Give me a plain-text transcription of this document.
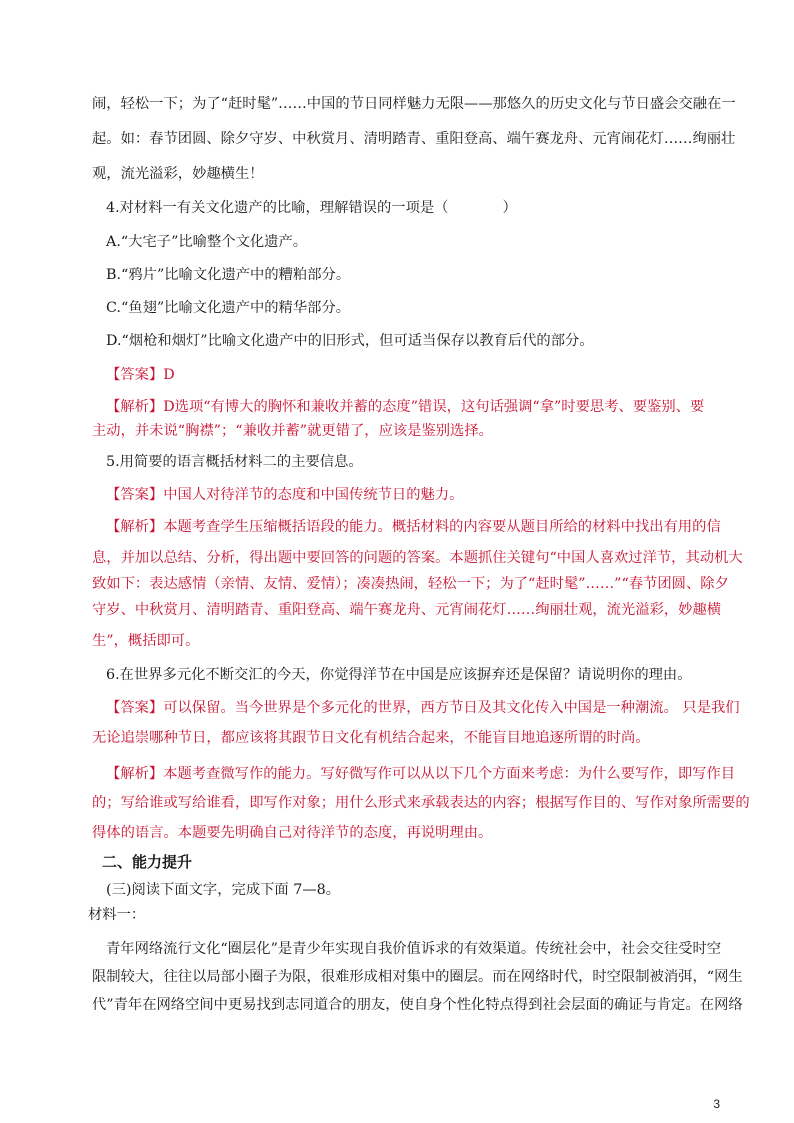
闹，轻松一下；为了“赶时髦”……中国的节日同样魅力无限——那悠久的历史文化与节日盛会交融在一
起。如：春节团圆、除夕守岁、中秋赏月、清明踏青、重阳登高、端午赛龙舟、元宵闹花灯……绚丽壮
观，流光溢彩，妙趣横生！
4.对材料一有关文化遗产的比喻，理解错误的一项是（	）
A.“大宅子”比喻整个文化遗产。
B.“鸦片”比喻文化遗产中的糟粕部分。
C.“鱼翅”比喻文化遗产中的精华部分。
D.“烟枪和烟灯”比喻文化遗产中的旧形式，但可适当保存以教育后代的部分。
【答案】D
【解析】D选项“有博大的胸怀和兼收并蓄的态度”错误，这句话强调“拿”时要思考、要鉴别、要
主动，并未说“胸襟”；“兼收并蓄”就更错了，应该是鉴别选择。
5.用简要的语言概括材料二的主要信息。
【答案】中国人对待洋节的态度和中国传统节日的魅力。
【解析】本题考查学生压缩概括语段的能力。概括材料的内容要从题目所给的材料中找出有用的信
息，并加以总结、分析，得出题中要回答的问题的答案。本题抓住关键句“中国人喜欢过洋节，其动机大
致如下：表达感情（亲情、友情、爱情）；凑凑热闹，轻松一下；为了“赶时髦”……”“春节团圆、除夕
守岁、中秋赏月、清明踏青、重阳登高、端午赛龙舟、元宵闹花灯……绚丽壮观，流光溢彩，妙趣横
生”，概括即可。
6.在世界多元化不断交汇的今天，你觉得洋节在中国是应该摒弃还是保留？请说明你的理由。
【答案】可以保留。当今世界是个多元化的世界，西方节日及其文化传入中国是一种潮流。 只是我们
无论追崇哪种节日，都应该将其跟节日文化有机结合起来，不能盲目地追逐所谓的时尚。
【解析】本题考查微写作的能力。写好微写作可以从以下几个方面来考虑：为什么要写作，即写作目
的；写给谁或写给谁看，即写作对象；用什么形式来承载表达的内容；根据写作目的、写作对象所需要的
得体的语言。本题要先明确自己对待洋节的态度，再说明理由。
二、能力提升
(三)阅读下面文字，完成下面 7—8。
材料一：
青年网络流行文化“圈层化”是青少年实现自我价值诉求的有效渠道。传统社会中，社会交往受时空
限制较大，往往以局部小圈子为限，很难形成相对集中的圈层。而在网络时代，时空限制被消弭，“网生
代”青年在网络空间中更易找到志同道合的朋友，使自身个性化特点得到社会层面的确证与肯定。在网络
3
